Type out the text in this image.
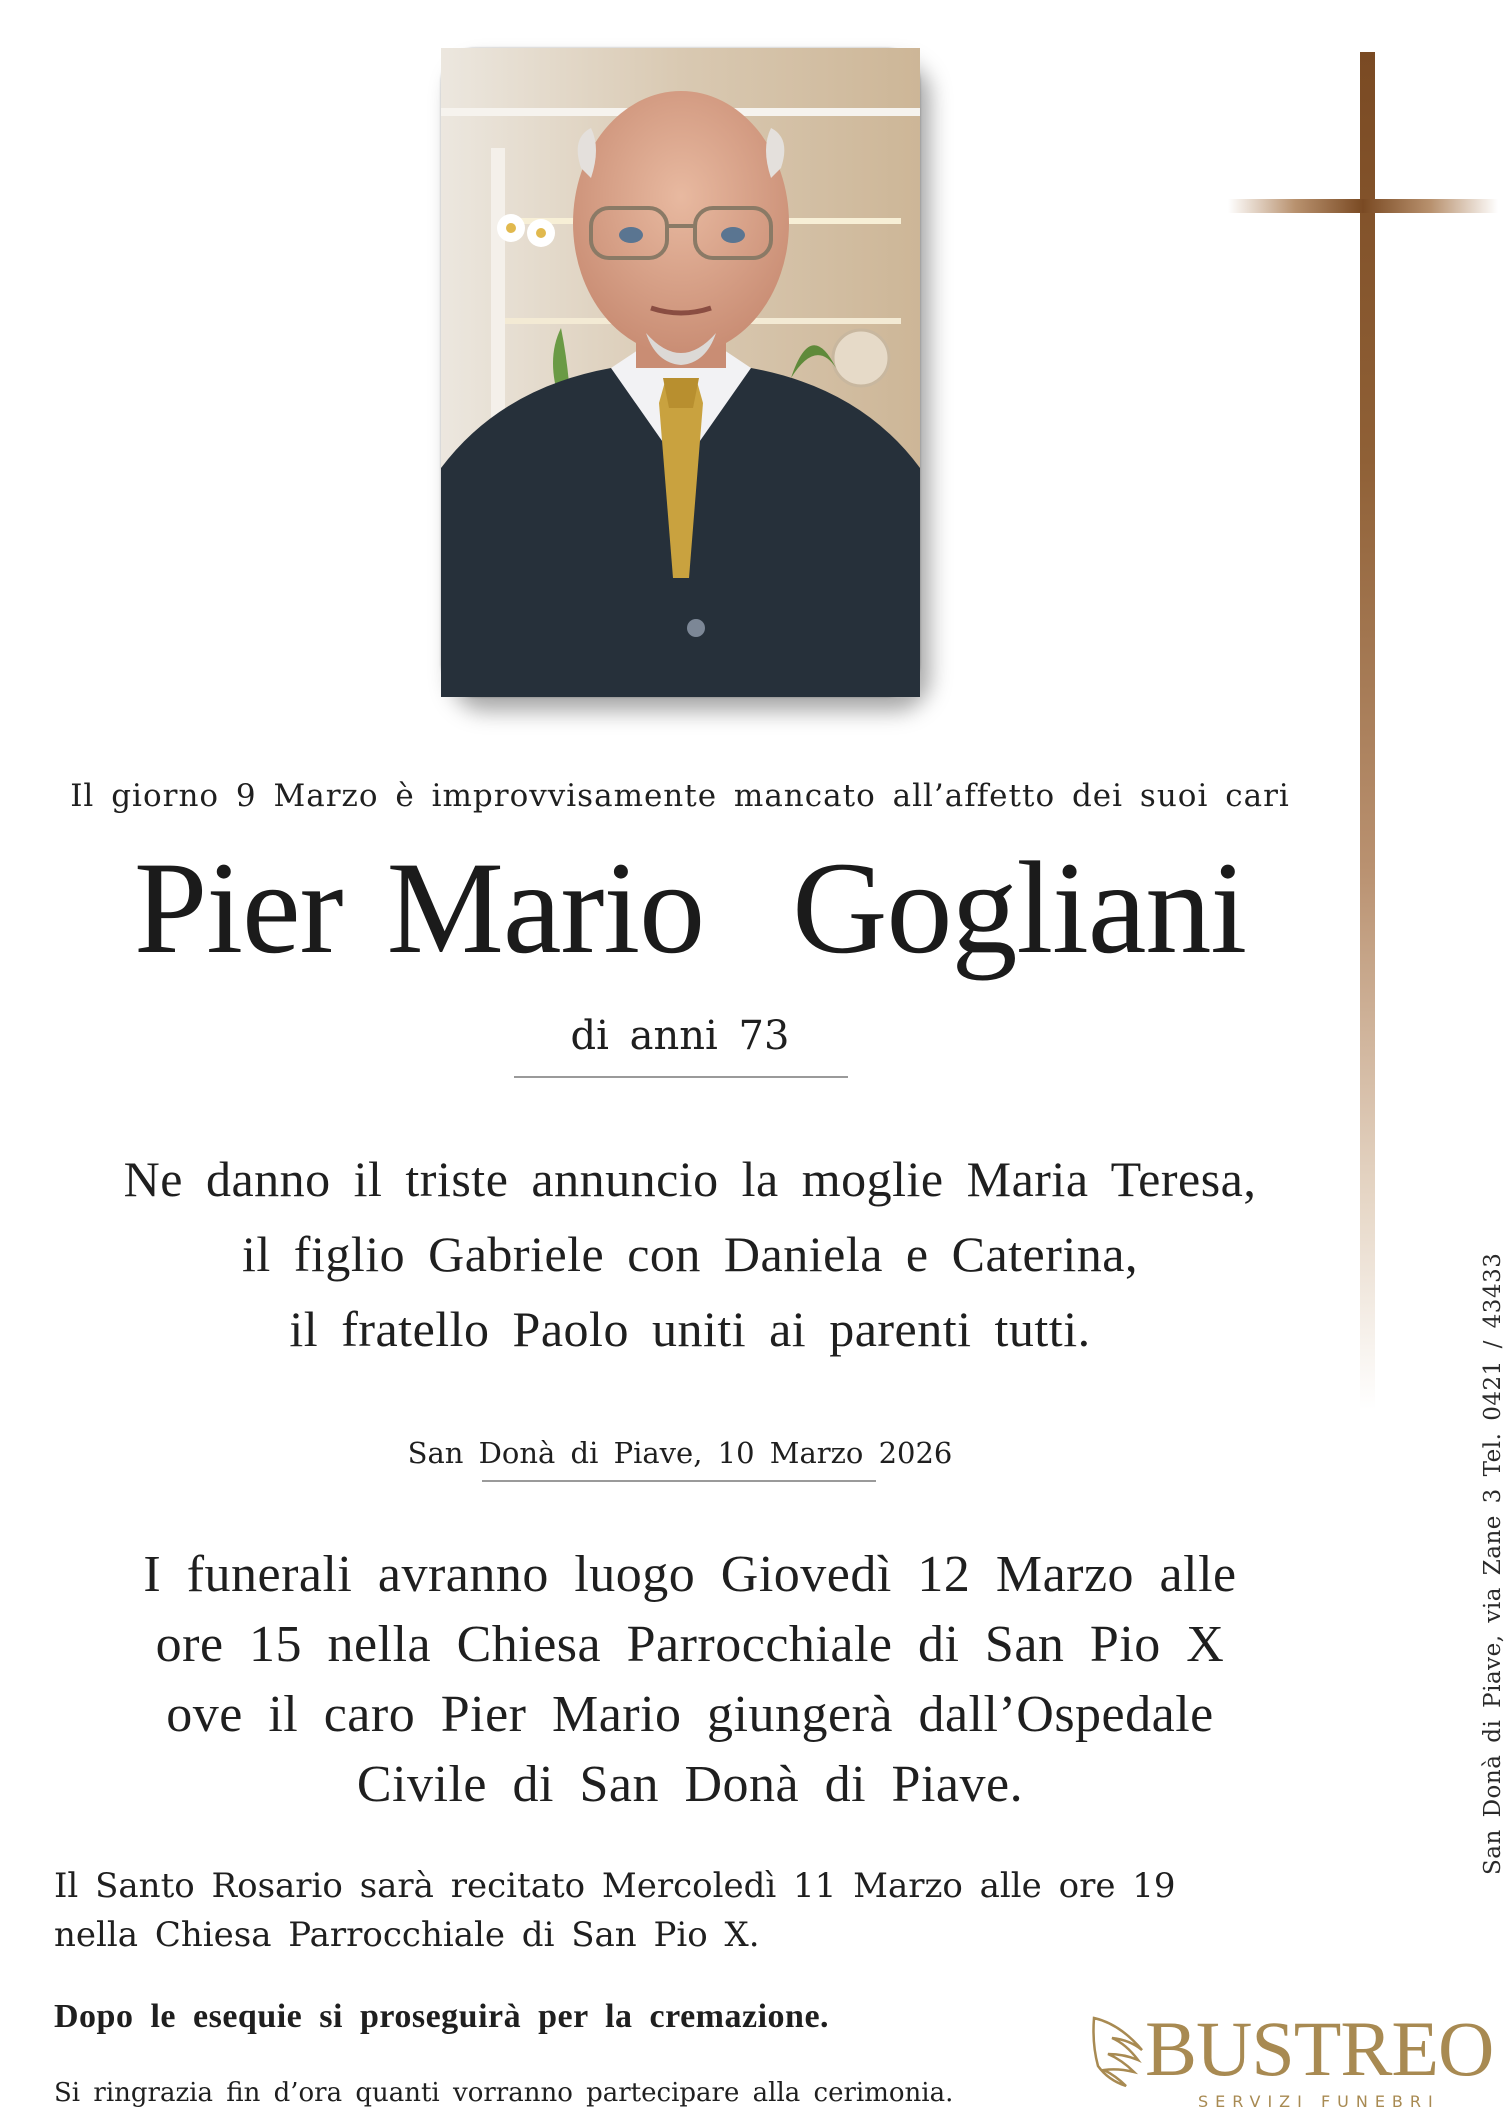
Il giorno 9 Marzo è improvvisamente mancato all’affetto dei suoi cari
Pier Mario  Gogliani
di anni 73
Ne danno il triste annuncio la moglie Maria Teresa,
il figlio Gabriele con Daniela e Caterina,
il fratello Paolo uniti ai parenti tutti.
San Donà di Piave, 10 Marzo 2026
I funerali avranno luogo Giovedì 12 Marzo alle
ore 15 nella Chiesa Parrocchiale di San Pio X
ove il caro Pier Mario giungerà dall’Ospedale
Civile di San Donà di Piave.
Il Santo Rosario sarà recitato Mercoledì 11 Marzo alle ore 19
nella Chiesa Parrocchiale di San Pio X.
Dopo le esequie si proseguirà per la cremazione.
Si ringrazia fin d’ora quanti vorranno partecipare alla cerimonia.
San Donà di Piave, via Zane 3 Tel. 0421 / 43433
BUSTREO
SERVIZI FUNEBRI
